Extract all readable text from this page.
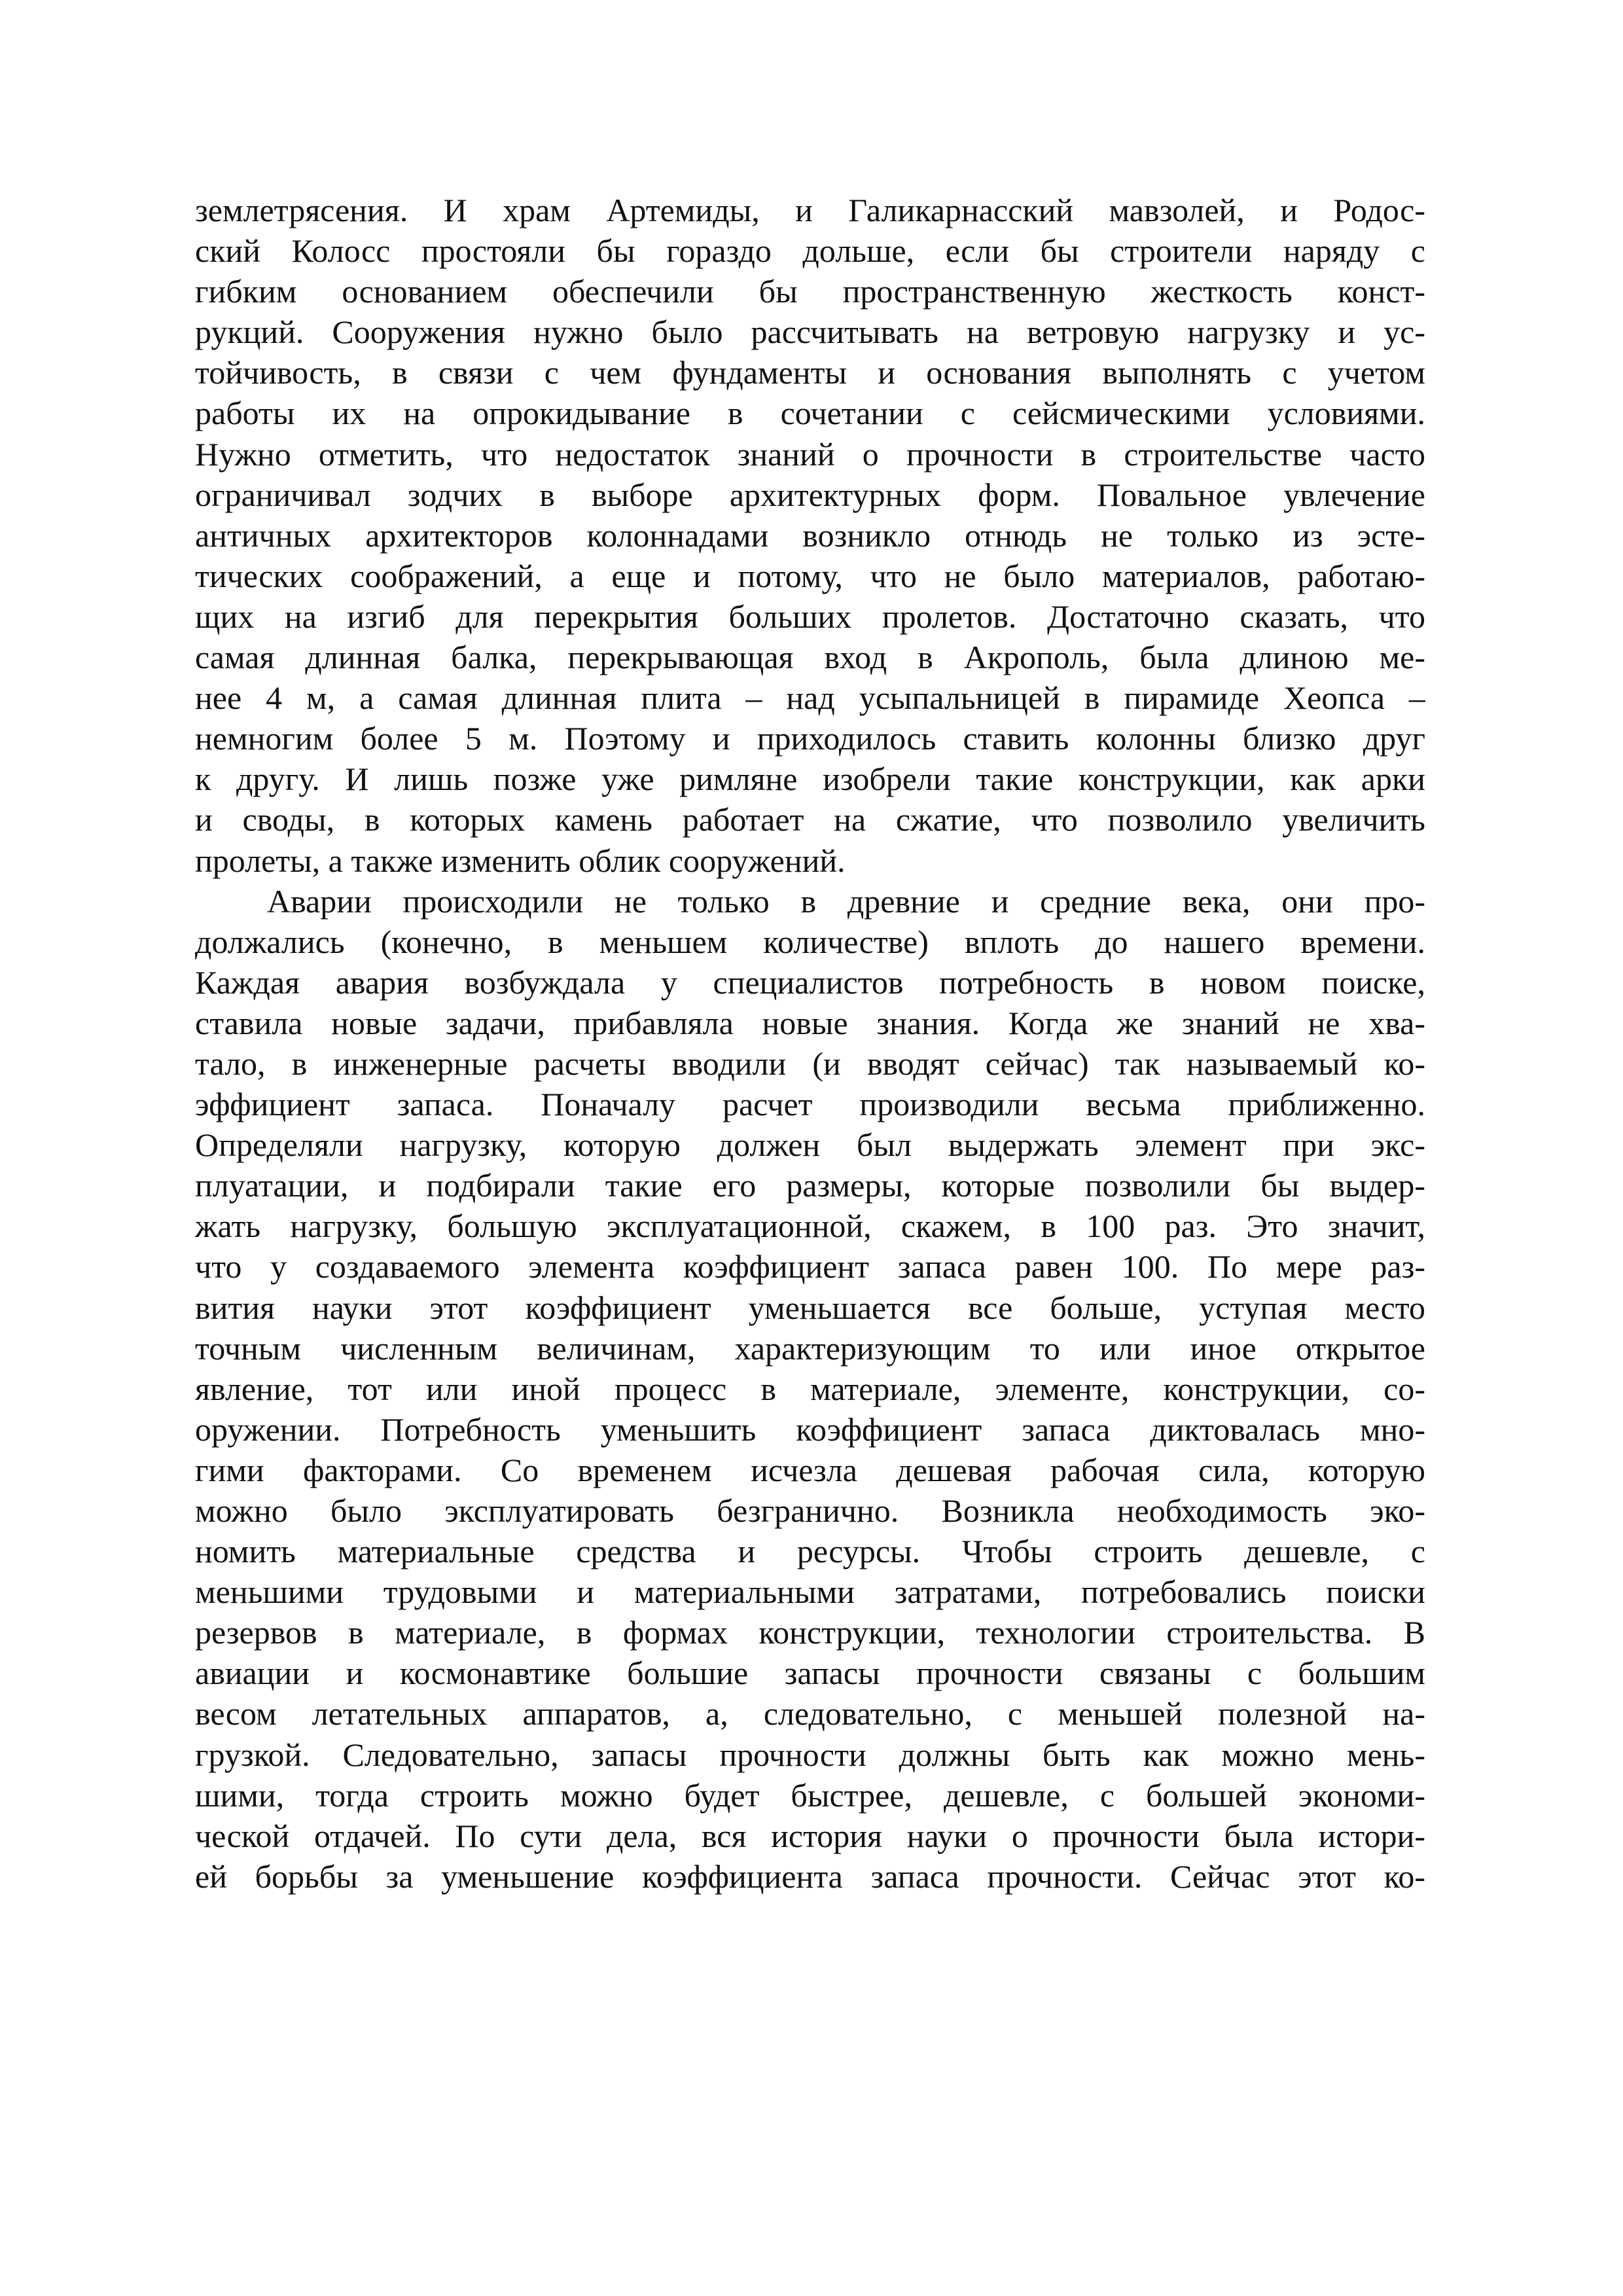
землетрясения. И храм Артемиды, и Галикарнасский мавзолей, и Родос-
ский Колосс простояли бы гораздо дольше, если бы строители наряду с
гибким основанием обеспечили бы пространственную жесткость конст-
рукций. Сооружения нужно было рассчитывать на ветровую нагрузку и ус-
тойчивость, в связи с чем фундаменты и основания выполнять с учетом
работы их на опрокидывание в сочетании с сейсмическими условиями.
Нужно отметить, что недостаток знаний о прочности в строительстве часто
ограничивал зодчих в выборе архитектурных форм. Повальное увлечение
античных архитекторов колоннадами возникло отнюдь не только из эсте-
тических соображений, а еще и потому, что не было материалов, работаю-
щих на изгиб для перекрытия больших пролетов. Достаточно сказать, что
самая длинная балка, перекрывающая вход в Акрополь, была длиною ме-
нее 4 м, а самая длинная плита – над усыпальницей в пирамиде Хеопса –
немногим более 5 м. Поэтому и приходилось ставить колонны близко друг
к другу. И лишь позже уже римляне изобрели такие конструкции, как арки
и своды, в которых камень работает на сжатие, что позволило увеличить
пролеты, а также изменить облик сооружений.
Аварии происходили не только в древние и средние века, они про-
должались (конечно, в меньшем количестве) вплоть до нашего времени.
Каждая авария возбуждала у специалистов потребность в новом поиске,
ставила новые задачи, прибавляла новые знания. Когда же знаний не хва-
тало, в инженерные расчеты вводили (и вводят сейчас) так называемый ко-
эффициент запаса. Поначалу расчет производили весьма приближенно.
Определяли нагрузку, которую должен был выдержать элемент при экс-
плуатации, и подбирали такие его размеры, которые позволили бы выдер-
жать нагрузку, большую эксплуатационной, скажем, в 100 раз. Это значит,
что у создаваемого элемента коэффициент запаса равен 100. По мере раз-
вития науки этот коэффициент уменьшается все больше, уступая место
точным численным величинам, характеризующим то или иное открытое
явление, тот или иной процесс в материале, элементе, конструкции, со-
оружении. Потребность уменьшить коэффициент запаса диктовалась мно-
гими факторами. Со временем исчезла дешевая рабочая сила, которую
можно было эксплуатировать безгранично. Возникла необходимость эко-
номить материальные средства и ресурсы. Чтобы строить дешевле, с
меньшими трудовыми и материальными затратами, потребовались поиски
резервов в материале, в формах конструкции, технологии строительства. В
авиации и космонавтике большие запасы прочности связаны с большим
весом летательных аппаратов, а, следовательно, с меньшей полезной на-
грузкой. Следовательно, запасы прочности должны быть как можно мень-
шими, тогда строить можно будет быстрее, дешевле, с большей экономи-
ческой отдачей. По сути дела, вся история науки о прочности была истори-
ей борьбы за уменьшение коэффициента запаса прочности. Сейчас этот ко-
